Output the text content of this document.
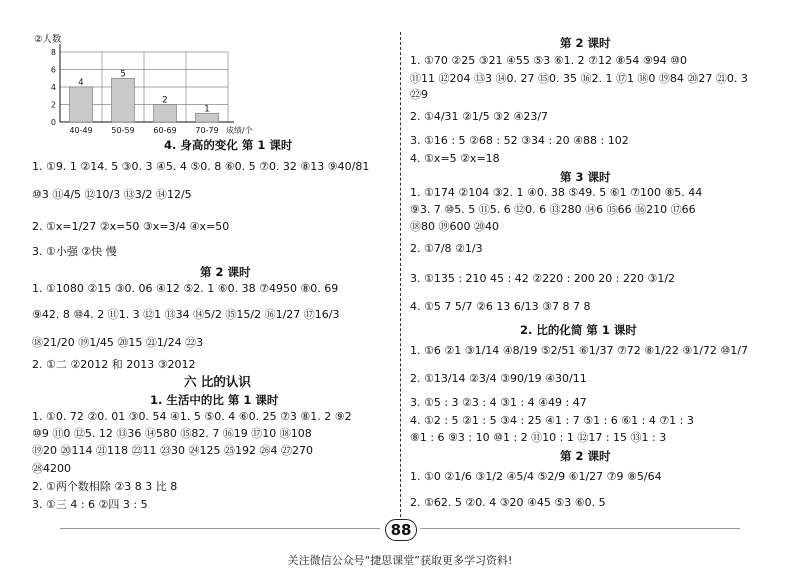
②人数
0
2
4
6
8
4
40-49
5
50-59
2
60-69
1
70-79 成绩/个
4. 身高的变化 第 1 课时
1. ①9. 1 ②14. 5 ③0. 3 ④5. 4 ⑤0. 8 ⑥0. 5 ⑦0. 32 ⑧13 ⑨40/81
⑩3 ⑪4/5 ⑫10/3 ⑬3/2 ⑭12/5
2. ①x=1/27 ②x=50 ③x=3/4 ④x=50
3. ①小强 ②快 慢
第 2 课时
1. ①1080 ②15 ③0. 06 ④12 ⑤2. 1 ⑥0. 38 ⑦4950 ⑧0. 69
⑨42. 8 ⑩4. 2 ⑪1. 3 ⑫1 ⑬34 ⑭5/2 ⑮15/2 ⑯1/27 ⑰16/3
⑱21/20 ⑲1/45 ⑳15 ㉑1/24 ㉒3
2. ①二 ②2012 和 2013 ③2012
六 比的认识
1. 生活中的比 第 1 课时
1. ①0. 72 ②0. 01 ③0. 54 ④1. 5 ⑤0. 4 ⑥0. 25 ⑦3 ⑧1. 2 ⑨2
⑩9 ⑪0 ⑫5. 12 ⑬36 ⑭580 ⑮82. 7 ⑯19 ⑰10 ⑱108
⑲20 ⑳114 ㉑118 ㉒11 ㉓30 ㉔125 ㉕192 ㉖4 ㉗270
㉘4200
2. ①两个数相除 ②3 8 3 比 8
3. ①三 4 : 6 ②四 3 : 5
第 2 课时
1. ①70 ②25 ③21 ④55 ⑤3 ⑥1. 2 ⑦12 ⑧54 ⑨94 ⑩0
⑪11 ⑫204 ⑬3 ⑭0. 27 ⑮0. 35 ⑯2. 1 ⑰1 ⑱0 ⑲84 ⑳27 ㉑0. 3
㉒9
2. ①4/31 ②1/5 ③2 ④23/7
3. ①16 : 5 ②68 : 52 ③34 : 20 ④88 : 102
4. ①x=5 ②x=18
第 3 课时
1. ①174 ②104 ③2. 1 ④0. 38 ⑤49. 5 ⑥1 ⑦100 ⑧5. 44
⑨3. 7 ⑩5. 5 ⑪5. 6 ⑫0. 6 ⑬280 ⑭6 ⑮66 ⑯210 ⑰66
⑱80 ⑲600 ⑳40
2. ①7/8 ②1/3
3. ①135 : 210 45 : 42 ②220 : 200 20 : 220 ③1/2
4. ①5 7 5/7 ②6 13 6/13 ③7 8 7 8
2. 比的化简 第 1 课时
1. ①6 ②1 ③1/14 ④8/19 ⑤2/51 ⑥1/37 ⑦72 ⑧1/22 ⑨1/72 ⑩1/7
2. ①13/14 ②3/4 ③90/19 ④30/11
3. ①5 : 3 ②3 : 4 ③1 : 4 ④49 : 47
4. ①2 : 5 ②1 : 5 ③4 : 25 ④1 : 7 ⑤1 : 6 ⑥1 : 4 ⑦1 : 3
⑧1 : 6 ⑨3 : 10 ⑩1 : 2 ⑪10 : 1 ⑫17 : 15 ⑬1 : 3
第 2 课时
1. ①0 ②1/6 ③1/2 ④5/4 ⑤2/9 ⑥1/27 ⑦9 ⑧5/64
2. ①62. 5 ②0. 4 ③20 ④45 ⑤3 ⑥0. 5
88
关注微信公众号“捷思课堂”获取更多学习资料!
